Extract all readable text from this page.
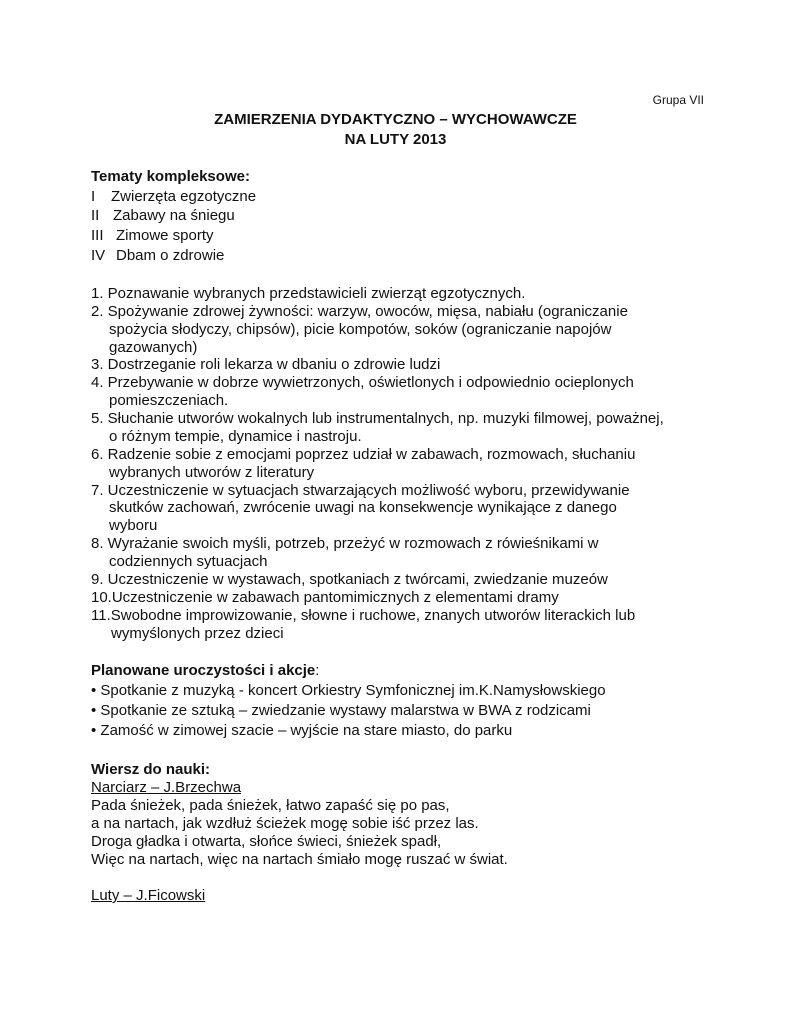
Grupa VII
ZAMIERZENIA DYDAKTYCZNO – WYCHOWAWCZE
NA LUTY 2013
Tematy kompleksowe:
I Zwierzęta egzotyczne
II Zabawy na śniegu
III Zimowe sporty
IV Dbam o zdrowie
1. Poznawanie wybranych przedstawicieli zwierząt egzotycznych.
2. Spożywanie zdrowej żywności: warzyw, owoców, mięsa, nabiału (ograniczanie
spożycia słodyczy, chipsów), picie kompotów, soków (ograniczanie napojów
gazowanych)
3. Dostrzeganie roli lekarza w dbaniu o zdrowie ludzi
4. Przebywanie w dobrze wywietrzonych, oświetlonych i odpowiednio ocieplonych
pomieszczeniach.
5. Słuchanie utworów wokalnych lub instrumentalnych, np. muzyki filmowej, poważnej,
o różnym tempie, dynamice i nastroju.
6. Radzenie sobie z emocjami poprzez udział w zabawach, rozmowach, słuchaniu
wybranych utworów z literatury
7. Uczestniczenie w sytuacjach stwarzających możliwość wyboru, przewidywanie
skutków zachowań, zwrócenie uwagi na konsekwencje wynikające z danego
wyboru
8. Wyrażanie swoich myśli, potrzeb, przeżyć w rozmowach z rówieśnikami w
codziennych sytuacjach
9. Uczestniczenie w wystawach, spotkaniach z twórcami, zwiedzanie muzeów
10.Uczestniczenie w zabawach pantomimicznych z elementami dramy
11.Swobodne improwizowanie, słowne i ruchowe, znanych utworów literackich lub
wymyślonych przez dzieci
Planowane uroczystości i akcje:
• Spotkanie z muzyką - koncert Orkiestry Symfonicznej im.K.Namysłowskiego
• Spotkanie ze sztuką – zwiedzanie wystawy malarstwa w BWA z rodzicami
• Zamość w zimowej szacie – wyjście na stare miasto, do parku
Wiersz do nauki:
Narciarz – J.Brzechwa
Pada śnieżek, pada śnieżek, łatwo zapaść się po pas,
a na nartach, jak wzdłuż ścieżek mogę sobie iść przez las.
Droga gładka i otwarta, słońce świeci, śnieżek spadł,
Więc na nartach, więc na nartach śmiało mogę ruszać w świat.
Luty – J.Ficowski
